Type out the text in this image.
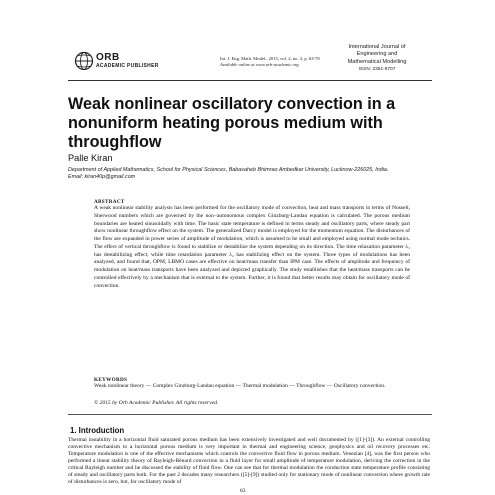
ORB
ACADEMIC PUBLISHER
Int. J. Eng. Math. Model., 2015, vol. 2, no. 3, p. 63-78
Available online at www.orb-academic.org
International Journal of
Engineering and
Mathematical Modelling
ISSN: 2351-8707
Weak nonlinear oscillatory convection in a nonuniform heating porous medium with throughflow
Palle Kiran
Department of Applied Mathematics, School for Physical Sciences, Babasaheb Bhimrao Ambedkar University, Lucknow-226025, India.
Email: kiran40p@gmail.com
ABSTRACT

A weak nonlinear stability analysis has been performed for the oscillatory mode of convection, heat and mass transports in terms of Nusselt, Sherwood numbers which are governed by the non−autonomous complex Ginzburg-Landau equation is calculated. The porous medium boundaries are heated sinusoidally with time. The basic state temperature is defined in terms steady and oscillatory parts, where steady part show nonlinear throughflow effect on the system. The generalized Darcy model is employed for the momentum equation. The disturbances of the flow are expanded in power series of amplitude of modulation, which is assumed to be small and employed using normal mode technics. The effect of vertical throughflow is found to stabilize or destabilize the system depending on its direction. The time relaxation parameter λ₁ has destabilizing effect, while time retardation parameter λ₂ has stabilizing effect on the system. Three types of modulations has been analyzed, and found that, OPM, LBMO cases are effective on heat/mass transfer than IPM case. The effects of amplitude and frequency of modulation on heat/mass transports have been analyzed and depicted graphically. The study establishes that the heat/mass transports can be controlled effectively by a mechanism that is external to the system. Further, it is found that better results may obtain for oscillatory mode of convection.

KEYWORDS

Weak nonlinear theory — Complex Ginzburg-Landau equation — Thermal modulation — Throughflow — Oscillatory convection.

© 2015 by Orb Academic Publisher. All rights reserved.
1. Introduction

Thermal instability in a horizontal fluid saturated porous medium has been extensively investigated and well documented by ([1]-[3]). An external controlling convective mechanism to a horizontal porous medium is very important in thermal and engineering science, geophysics and oil recovery processes etc. Temperature modulation is one of the effective mechanisms which controls the convective fluid flow in porous medium. Venezian [4], was the first person who performed a linear stability theory of Rayleigh-Bénard convection in a fluid layer for small amplitude of temperature modulation, deriving the correction in the critical Rayleigh number and he discussed the stability of fluid flow. One can see that for thermal modulation the conduction state temperature profile consisting of steady and oscillatory parts both. For the past 2 decades many researchers ([5]-[9]) studied only for stationary mode of nonlinear convection where growth rate of disturbances is zero, but, for oscillatory mode of

63
